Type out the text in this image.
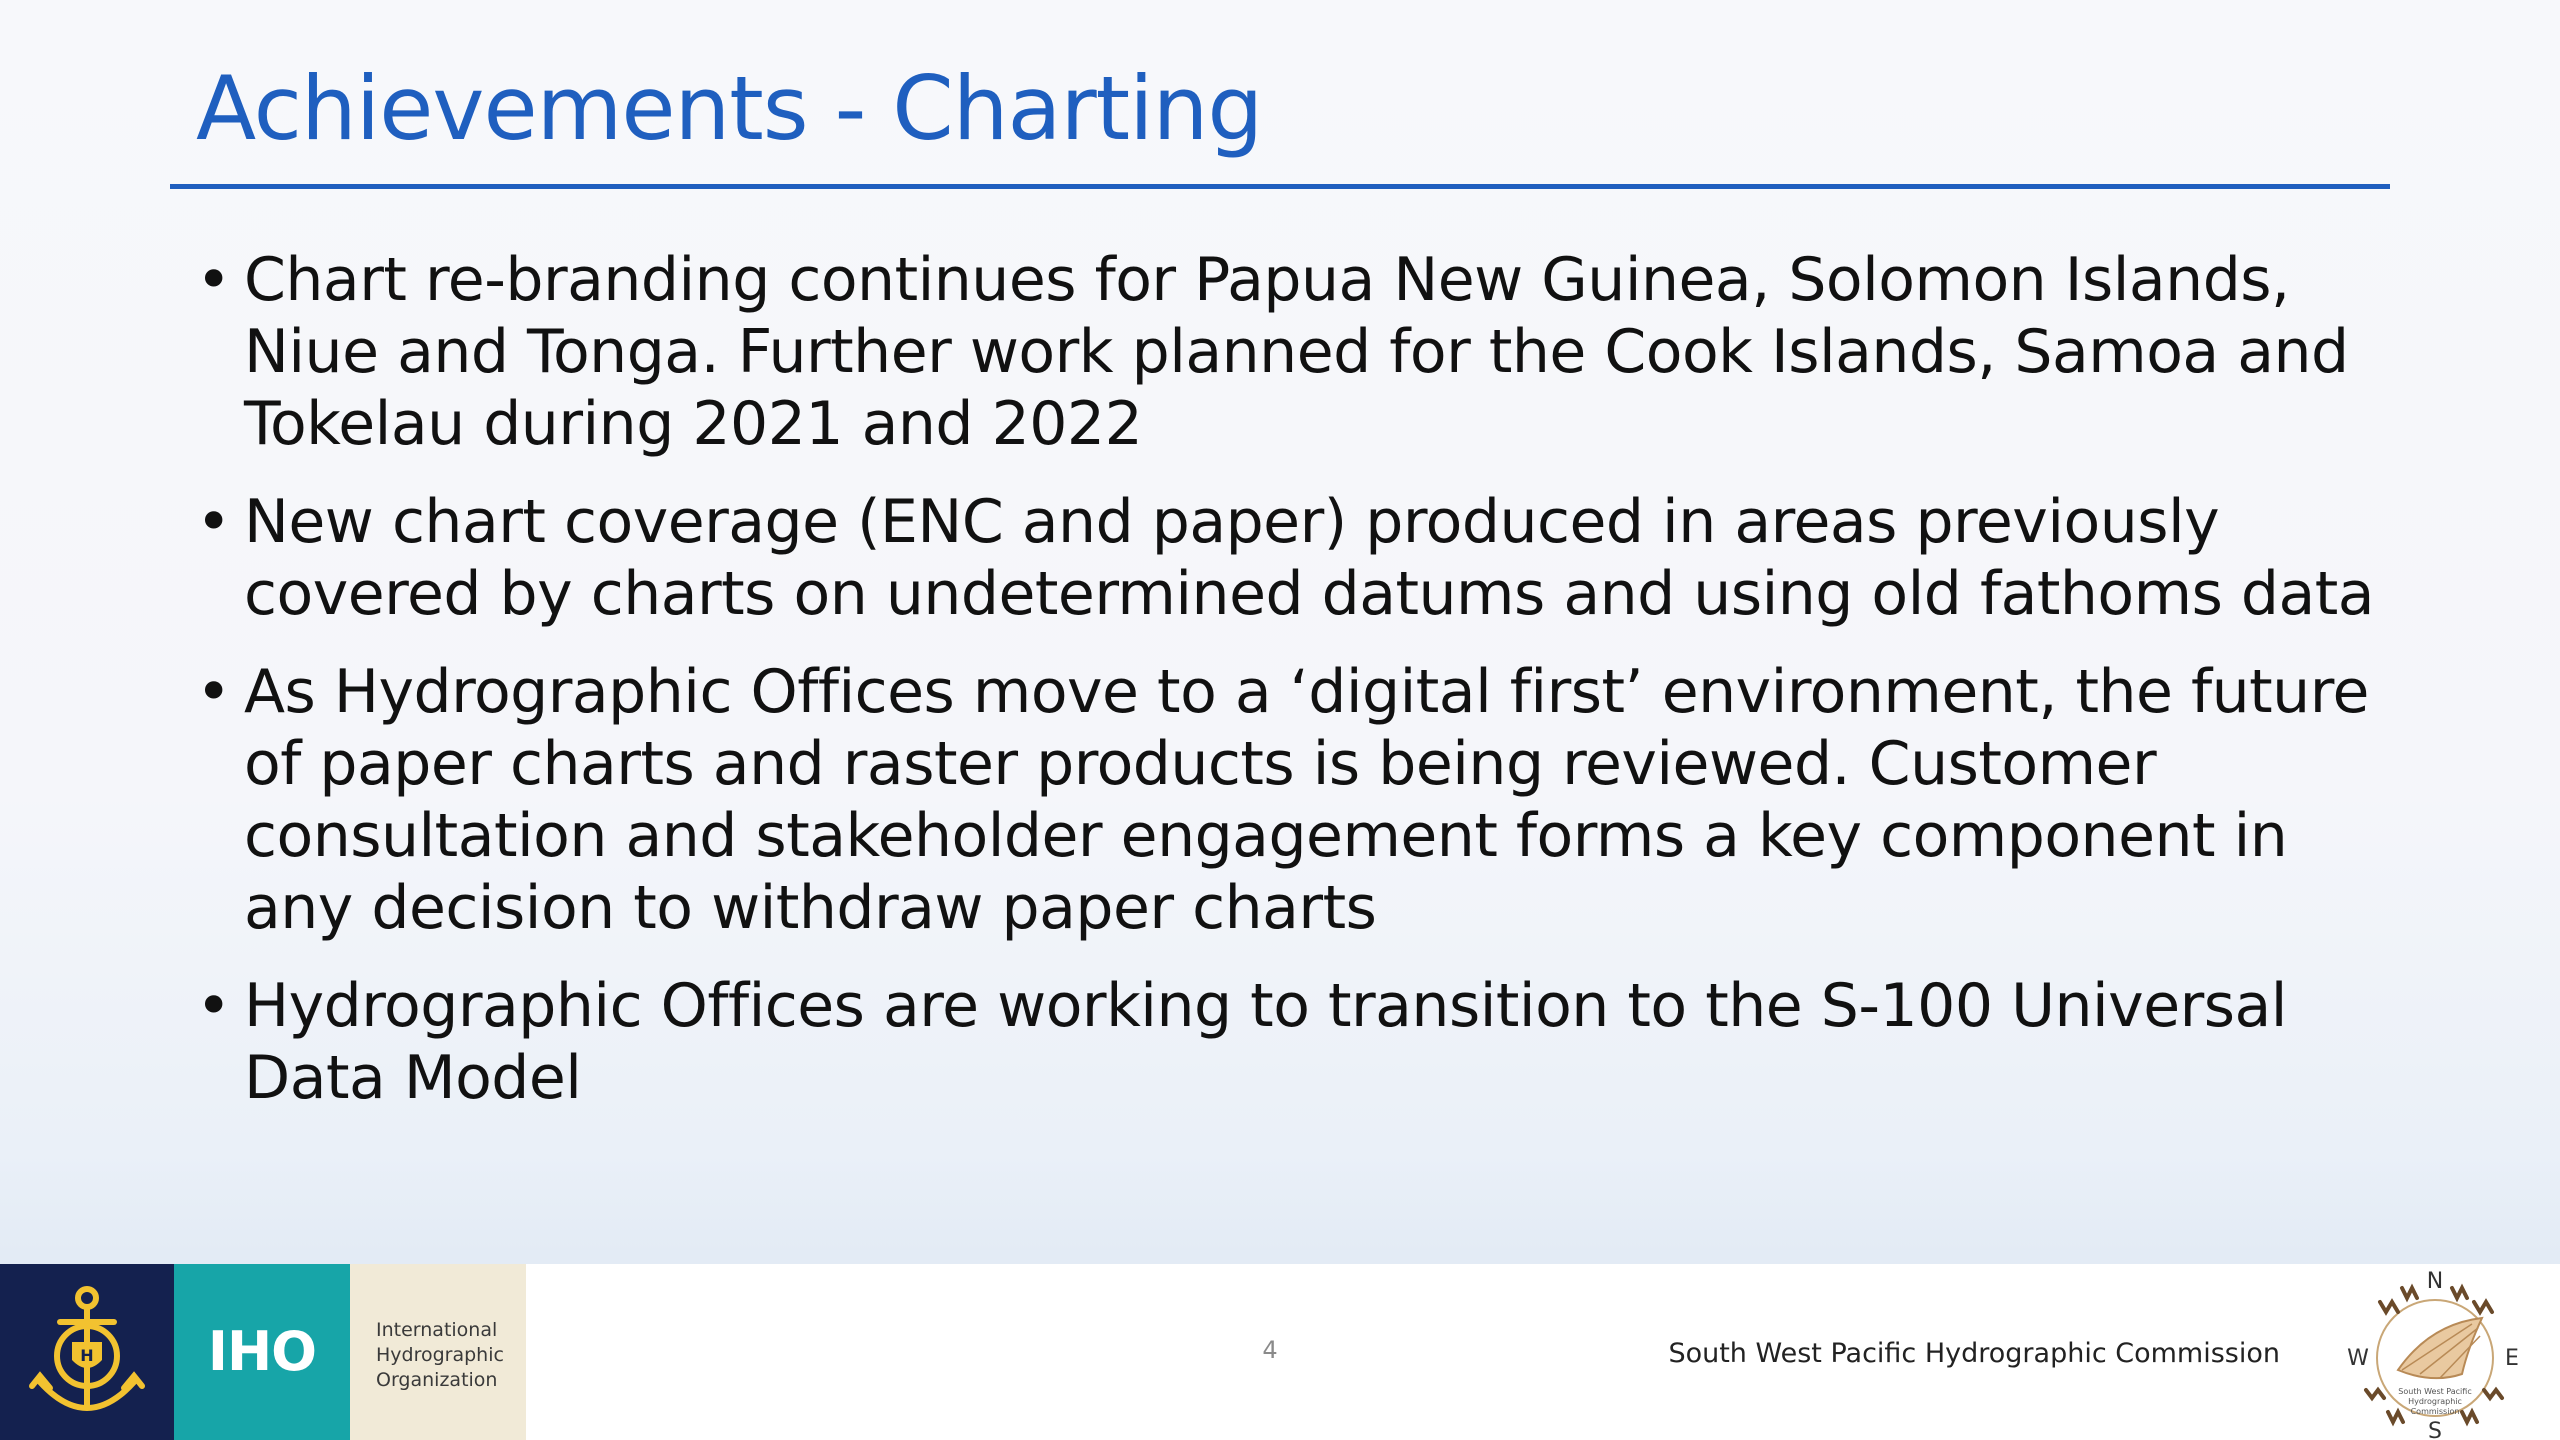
Achievements - Charting
• Chart re-branding continues for Papua New Guinea, Solomon Islands, Niue and Tonga. Further work planned for the Cook Islands, Samoa and Tokelau during 2021 and 2022
• New chart coverage (ENC and paper) produced in areas previously covered by charts on undetermined datums and using old fathoms data
• As Hydrographic Offices move to a ‘digital first’ environment, the future of paper charts and raster products is being reviewed. Customer consultation and stakeholder engagement forms a key component in any decision to withdraw paper charts
• Hydrographic Offices are working to transition to the S-100 Universal Data Model
H	IHO	International
Hydrographic
Organization
4	South West Pacific Hydrographic Commission
N
E
S
W
South West Pacific
Hydrographic
Commission
